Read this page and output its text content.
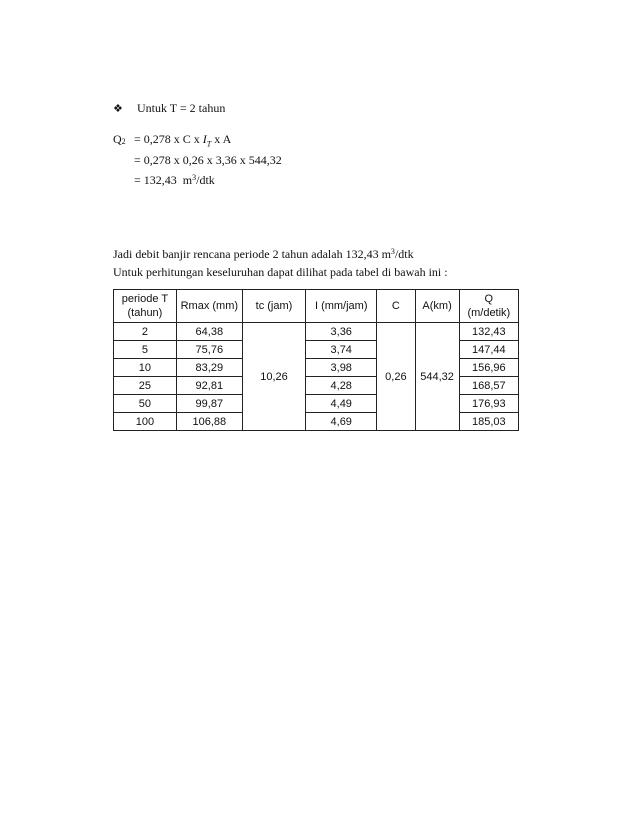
❖ Untuk T = 2 tahun
$Q_2 = 0,278$ x C x $I_T$ x A
= 0,278 x 0,26 x 3,36 x 544,32
= 132,43  $m^3$/dtk
Jadi debit banjir rencana periode 2 tahun adalah 132,43 $m^3$/dtk
Untuk perhitungan keseluruhan dapat dilihat pada tabel di bawah ini :
periode T (tahun)	Rmax (mm)	tc (jam)	I (mm/jam)	C	A(km)	Q (m/detik)
2	64,38	10,26	3,36	0,26	544,32	132,43
5	75,76		3,74			147,44
10	83,29		3,98			156,96
25	92,81		4,28			168,57
50	99,87		4,49			176,93
100	106,88		4,69			185,03
